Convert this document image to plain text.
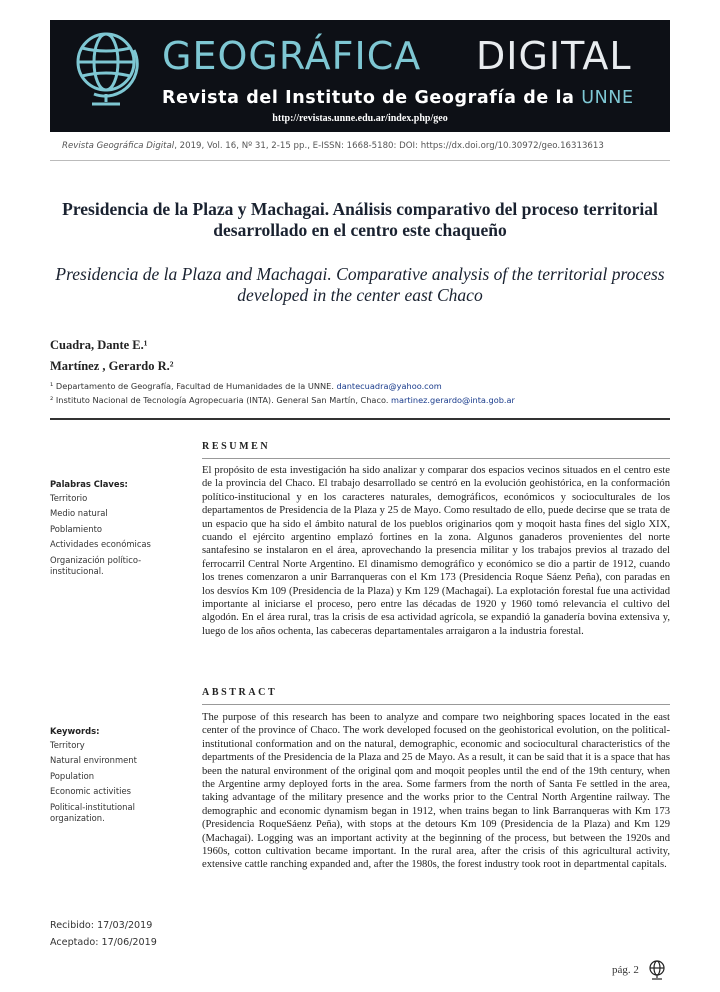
GEOGRÁFICA DIGITAL
Revista del Instituto de Geografía de la UNNE
http://revistas.unne.edu.ar/index.php/geo
Revista Geográfica Digital, 2019, Vol. 16, Nº 31, 2-15 pp., E-ISSN: 1668-5180: DOI: https://dx.doi.org/10.30972/geo.16313613
Presidencia de la Plaza y Machagai. Análisis comparativo del proceso territorial desarrollado en el centro este chaqueño
Presidencia de la Plaza and Machagai. Comparative analysis of the territorial process developed in the center east Chaco
Cuadra, Dante E.¹
Martínez , Gerardo R.²
¹ Departamento de Geografía, Facultad de Humanidades de la UNNE. dantecuadra@yahoo.com
² Instituto Nacional de Tecnología Agropecuaria (INTA). General San Martín, Chaco. martinez.gerardo@inta.gob.ar
RESUMEN
El propósito de esta investigación ha sido analizar y comparar dos espacios vecinos situados en el centro este de la provincia del Chaco. El trabajo desarrollado se centró en la evolución geohistórica, en la conformación político-institucional y en los caracteres naturales, demográficos, económicos y socioculturales de los departamentos de Presidencia de la Plaza y 25 de Mayo. Como resultado de ello, puede decirse que se trata de un espacio que ha sido el ámbito natural de los pueblos originarios qom y moqoit hasta fines del siglo XIX, cuando el ejército argentino emplazó fortines en la zona. Algunos ganaderos provenientes del norte santafesino se instalaron en el área, aprovechando la presencia militar y los trabajos previos al trazado del ferrocarril Central Norte Argentino. El dinamismo demográfico y económico se dio a partir de 1912, cuando los trenes comenzaron a unir Barranqueras con el Km 173 (Presidencia Roque Sáenz Peña), con paradas en los desvíos Km 109 (Presidencia de la Plaza) y Km 129 (Machagai). La explotación forestal fue una actividad importante al iniciarse el proceso, pero entre las décadas de 1920 y 1960 tomó relevancia el cultivo del algodón. En el área rural, tras la crisis de esa actividad agrícola, se expandió la ganadería bovina extensiva y, luego de los años ochenta, las cabeceras departamentales arraigaron a la industria forestal.
Palabras Claves:
Territorio
Medio natural
Poblamiento
Actividades económicas
Organización político-institucional.
ABSTRACT
The purpose of this research has been to analyze and compare two neighboring spaces located in the east center of the province of Chaco. The work developed focused on the geohistorical evolution, on the political-institutional conformation and on the natural, demographic, economic and sociocultural characteristics of the departments of the Presidencia de la Plaza and 25 de Mayo. As a result, it can be said that it is a space that has been the natural environment of the original qom and moqoit peoples until the end of the 19th century, when the Argentine army deployed forts in the area. Some farmers from the north of Santa Fe settled in the area, taking advantage of the military presence and the works prior to the Central North Argentine railway. The demographic and economic dynamism began in 1912, when trains began to link Barranqueras with Km 173 (Presidencia RoqueSáenz Peña), with stops at the detours Km 109 (Presidencia de la Plaza) and Km 129 (Machagai). Logging was an important activity at the beginning of the process, but between the 1920s and 1960s, cotton cultivation became important. In the rural area, after the crisis of this agricultural activity, extensive cattle ranching expanded and, after the 1980s, the forest industry took root in departmental capitals.
Keywords:
Territory
Natural environment
Population
Economic activities
Political-institutional organization.
Recibido: 17/03/2019
Aceptado: 17/06/2019
pág. 2
